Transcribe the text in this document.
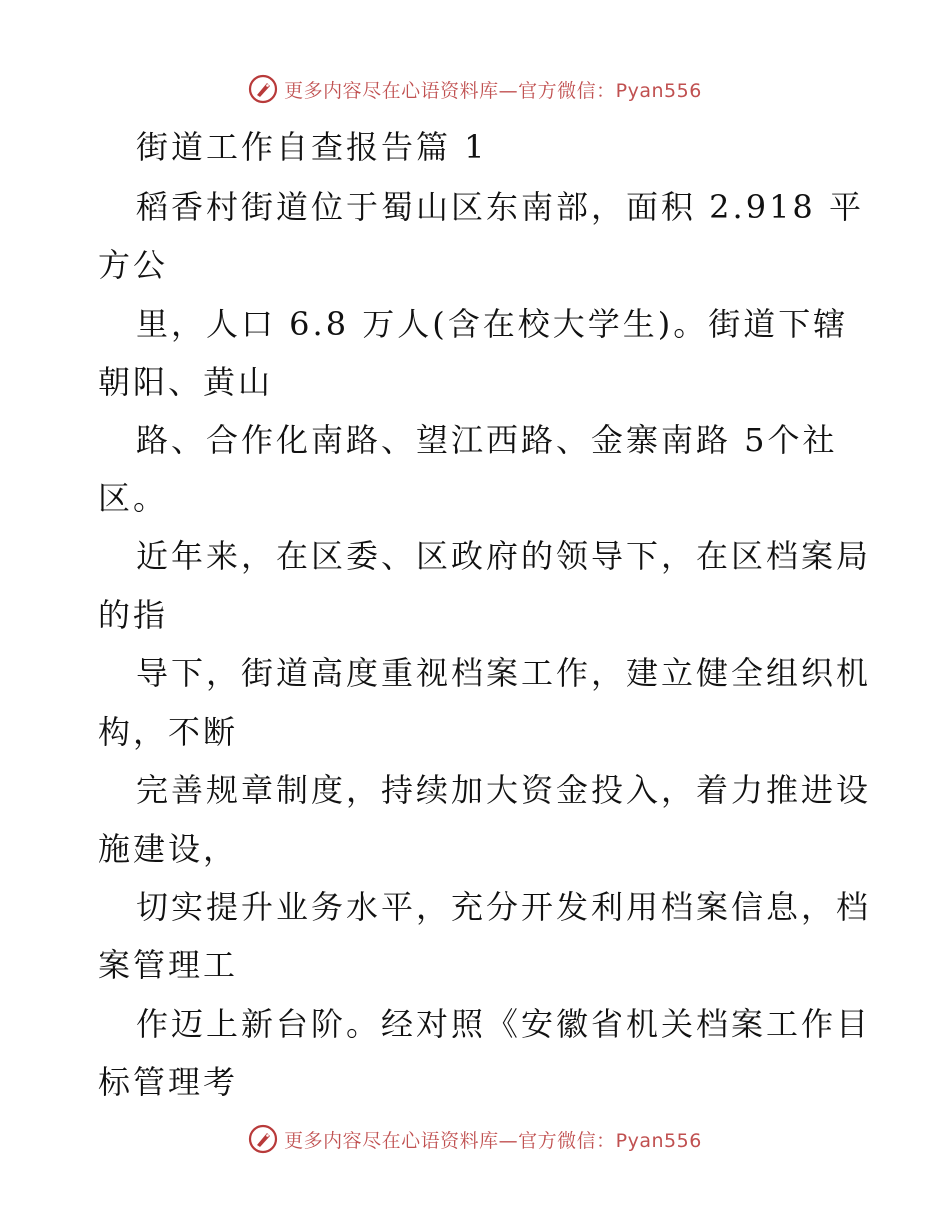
更多内容尽在心语资料库—官方微信：Pyan556
街道工作自查报告篇 1
稻香村街道位于蜀山区东南部，面积 2.918 平
方公
里，人口 6.8 万人(含在校大学生)。街道下辖
朝阳、黄山
路、合作化南路、望江西路、金寨南路 5个社
区。
近年来，在区委、区政府的领导下，在区档案局
的指
导下，街道高度重视档案工作，建立健全组织机
构，不断
完善规章制度，持续加大资金投入，着力推进设
施建设，
切实提升业务水平，充分开发利用档案信息，档
案管理工
作迈上新台阶。经对照《安徽省机关档案工作目
标管理考
更多内容尽在心语资料库—官方微信：Pyan556
